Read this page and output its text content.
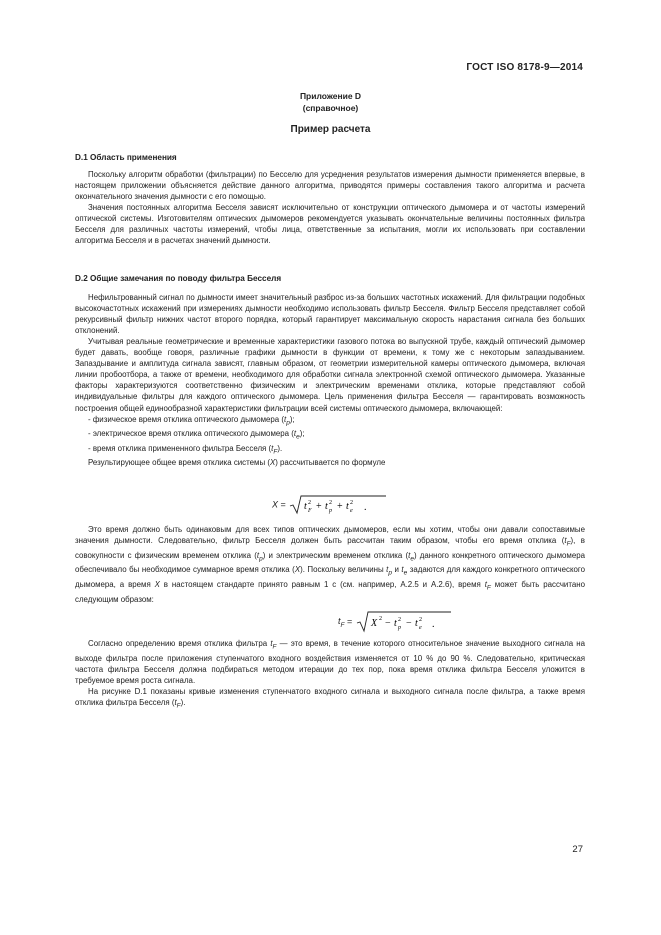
ГОСТ ISO 8178-9—2014
Приложение D
(справочное)
Пример расчета

D.1 Область применения

Поскольку алгоритм обработки (фильтрации) по Бесселю для усреднения результатов измерения дымности применяется впервые, в настоящем приложении объясняется действие данного алгоритма, приводятся примеры составления такого алгоритма и расчета окончательного значения дымности с его помощью.

Значения постоянных алгоритма Бесселя зависят исключительно от конструкции оптического дымомера и от частоты измерений оптической системы. Изготовителям оптических дымомеров рекомендуется указывать окончательные величины постоянных фильтра Бесселя для различных частоты измерений, чтобы лица, ответственные за испытания, могли их использовать при составлении алгоритма Бесселя и в расчетах значений дымности.

D.2 Общие замечания по поводу фильтра Бесселя

Нефильтрованный сигнал по дымности имеет значительный разброс из-за больших частотных искажений. Для фильтрации подобных высокочастотных искажений при измерениях дымности необходимо использовать фильтр Бесселя. Фильтр Бесселя представляет собой рекурсивный фильтр нижних частот второго порядка, который гарантирует максимальную скорость нарастания сигнала без больших отклонений.

Учитывая реальные геометрические и временные характеристики газового потока во выпускной трубе, каждый оптический дымомер будет давать, вообще говоря, различные графики дымности в функции от времени, к тому же с некоторым запаздыванием. Запаздывание и амплитуда сигнала зависят, главным образом, от геометрии измерительной камеры оптического дымомера, включая линии пробоотбора, а также от времени, необходимого для обработки сигнала электронной схемой оптического дымомера. Указанные факторы характеризуются соответственно физическим и электрическим временами отклика, которые представляют собой индивидуальные фильтры для каждого оптического дымомера. Цель применения фильтра Бесселя — гарантировать возможность построения общей единообразной характеристики фильтрации всей системы оптического дымомера, включающей:

- физическое время отклика оптического дымомера $(t_p)$;

- электрическое время отклика оптического дымомера $(t_e)$;

- время отклика примененного фильтра Бесселя $(t_F)$.

Результирующее общее время отклика системы (X) рассчитывается по формуле

X = t F
2 + t p
2 + t e
2 .

Это время должно быть одинаковым для всех типов оптических дымомеров, если мы хотим, чтобы они давали сопоставимые значения дымности. Следовательно, фильтр Бесселя должен быть рассчитан таким образом, чтобы его время отклика $(t_F)$, в совокупности с физическим временем отклика $(t_p)$ и электрическим временем отклика $(t_e)$ данного конкретного оптического дымомера обеспечивало бы необходимое суммарное время отклика (X). Поскольку величины $t_p$ и $t_e$ задаются для каждого конкретного оптического дымомера, а время X в настоящем стандарте принято равным 1 с (см. например, А.2.5 и А.2.6), время $t_F$ может быть рассчитано следующим образом:

$t_F = X$ 2 − t p
2 − t e
2 .

Согласно определению время отклика фильтра $t_F$ — это время, в течение которого относительное значение выходного сигнала на выходе фильтра после приложения ступенчатого входного воздействия изменяется от 10 % до 90 %. Следовательно, критическая частота фильтра Бесселя должна подбираться методом итерации до тех пор, пока время отклика фильтра Бесселя уложится в требуемое время роста сигнала.

На рисунке D.1 показаны кривые изменения ступенчатого входного сигнала и выходного сигнала после фильтра, а также время отклика фильтра Бесселя $(t_F)$.

27
